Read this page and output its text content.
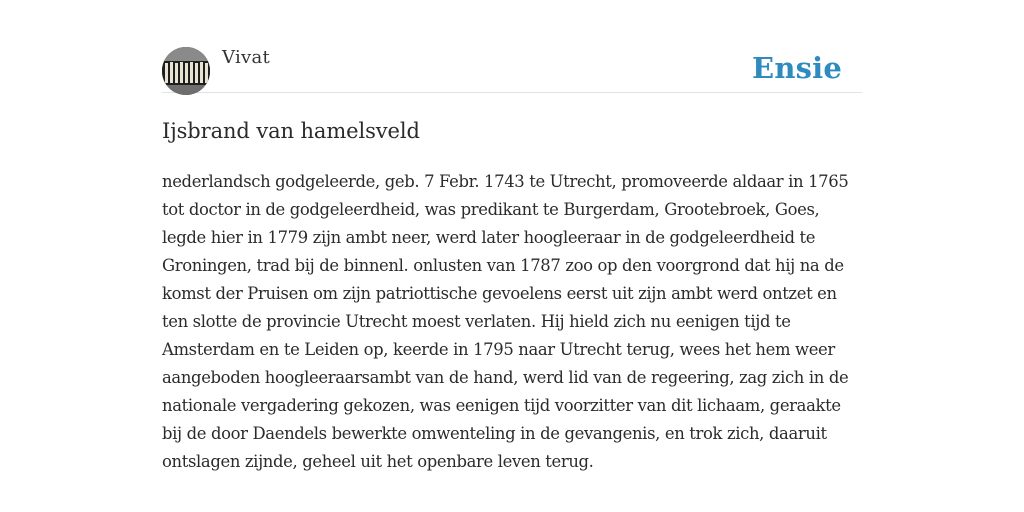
Vivat	Ensie
Ijsbrand van hamelsveld

nederlandsch godgeleerde, geb. 7 Febr. 1743 te Utrecht, promoveerde aldaar in 1765 tot doctor in de godgeleerdheid, was predikant te Burgerdam, Grootebroek, Goes, legde hier in 1779 zijn ambt neer, werd later hoogleeraar in de godgeleerdheid te Groningen, trad bij de binnenl. onlusten van 1787 zoo op den voorgrond dat hij na de komst der Pruisen om zijn patriottische gevoelens eerst uit zijn ambt werd ontzet en ten slotte de provincie Utrecht moest verlaten. Hij hield zich nu eenigen tijd te Amsterdam en te Leiden op, keerde in 1795 naar Utrecht terug, wees het hem weer aangeboden hoogleeraarsambt van de hand, werd lid van de regeering, zag zich in de nationale vergadering gekozen, was eenigen tijd voorzitter van dit lichaam, geraakte bij de door Daendels bewerkte omwenteling in de gevangenis, en trok zich, daaruit ontslagen zijnde, geheel uit het openbare leven terug.
